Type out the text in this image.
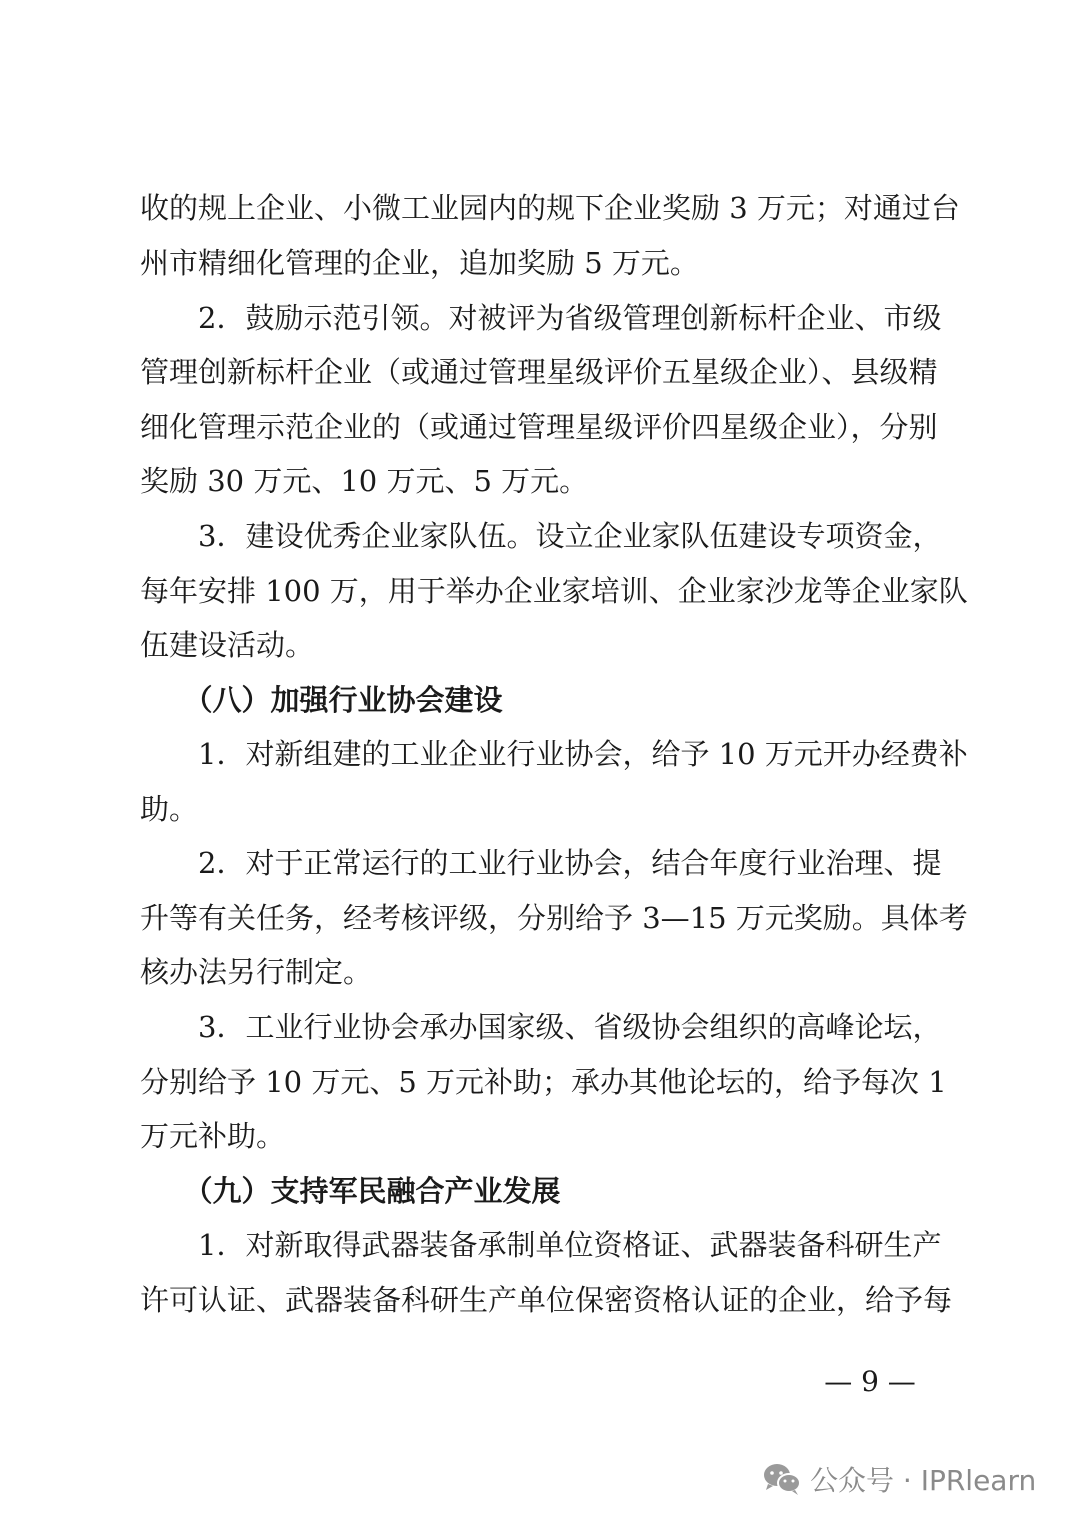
收的规上企业、小微工业园内的规下企业奖励 3 万元；对通过台
州市精细化管理的企业，追加奖励 5 万元。
　　2．鼓励示范引领。对被评为省级管理创新标杆企业、市级
管理创新标杆企业（或通过管理星级评价五星级企业）、县级精
细化管理示范企业的（或通过管理星级评价四星级企业），分别
奖励 30 万元、10 万元、5 万元。
　　3．建设优秀企业家队伍。设立企业家队伍建设专项资金，
每年安排 100 万，用于举办企业家培训、企业家沙龙等企业家队
伍建设活动。
　　（八）加强行业协会建设
　　1．对新组建的工业企业行业协会，给予 10 万元开办经费补
助。
　　2．对于正常运行的工业行业协会，结合年度行业治理、提
升等有关任务，经考核评级，分别给予 3—15 万元奖励。具体考
核办法另行制定。
　　3．工业行业协会承办国家级、省级协会组织的高峰论坛，
分别给予 10 万元、5 万元补助；承办其他论坛的，给予每次 1
万元补助。
　　（九）支持军民融合产业发展
　　1．对新取得武器装备承制单位资格证、武器装备科研生产
许可认证、武器装备科研生产单位保密资格认证的企业，给予每
— 9 —
公众号 · IPRlearn
